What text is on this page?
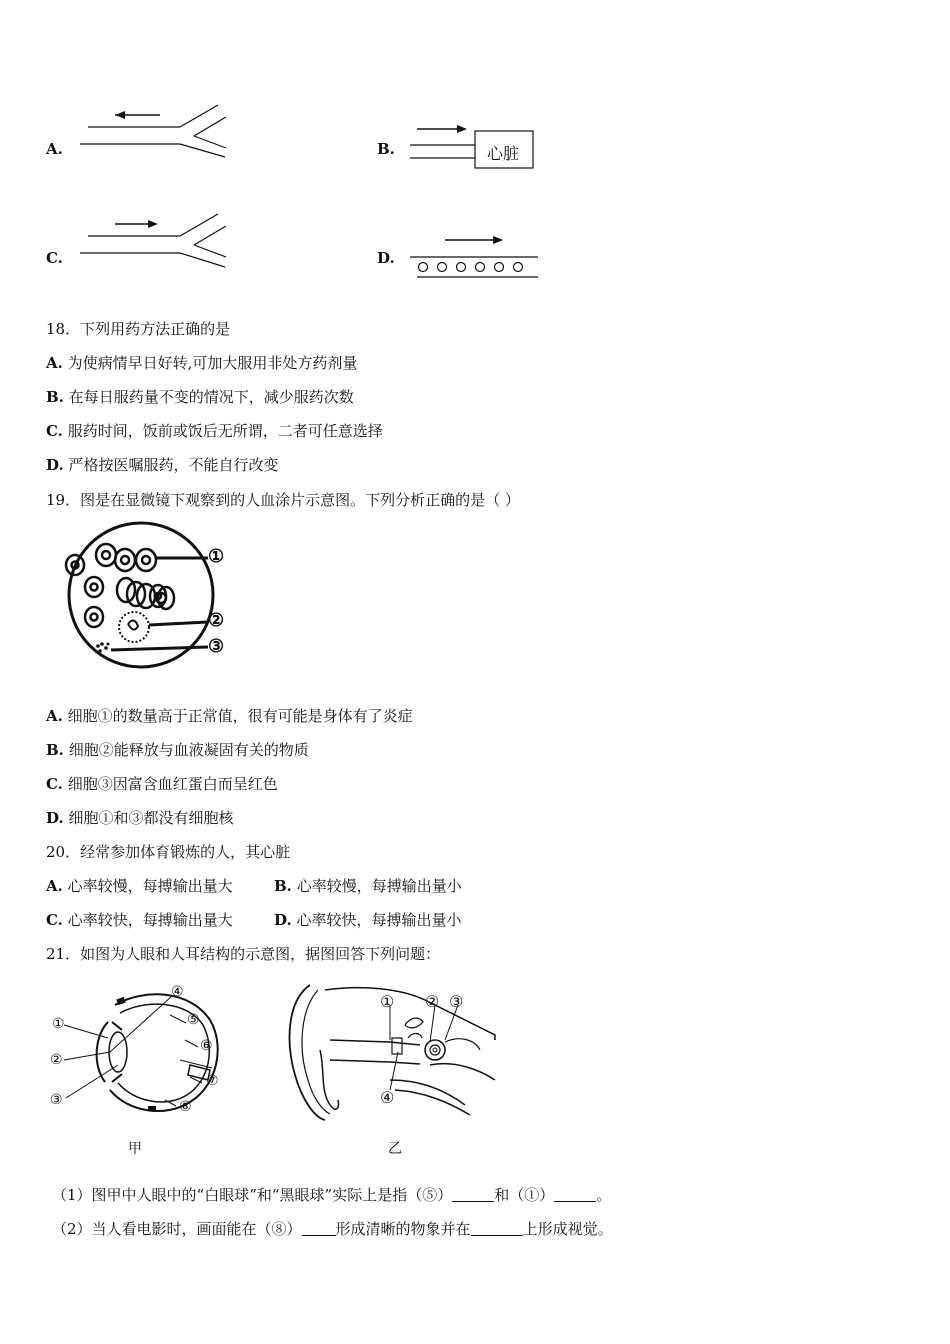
A.	B.	心脏
C.	D.
18．下列用药方法正确的是
A. 为使病情早日好转,可加大服用非处方药剂量
B. 在每日服药量不变的情况下，减少服药次数
C. 服药时间，饭前或饭后无所谓，二者可任意选择
D. 严格按医嘱服药，不能自行改变
19．图是在显微镜下观察到的人血涂片示意图。下列分析正确的是（ ）
①
②
③
A. 细胞①的数量高于正常值，很有可能是身体有了炎症
B. 细胞②能释放与血液凝固有关的物质
C. 细胞③因富含血红蛋白而呈红色
D. 细胞①和③都没有细胞核
20．经常参加体育锻炼的人，其心脏
A. 心率较慢，每搏输出量大	B. 心率较慢，每搏输出量小
C. 心率较快，每搏输出量大	D. 心率较快，每搏输出量小
21．如图为人眼和人耳结构的示意图，据图回答下列问题：
①
②
③
④
⑤
⑥
⑦
⑧
甲
① ② ③
④
乙
（1）图甲中人眼中的“白眼球”和“黑眼球”实际上是指（⑤）	和（①）	。
（2）当人看电影时，画面能在（⑧） 形成清晰的物象并在	上形成视觉。
